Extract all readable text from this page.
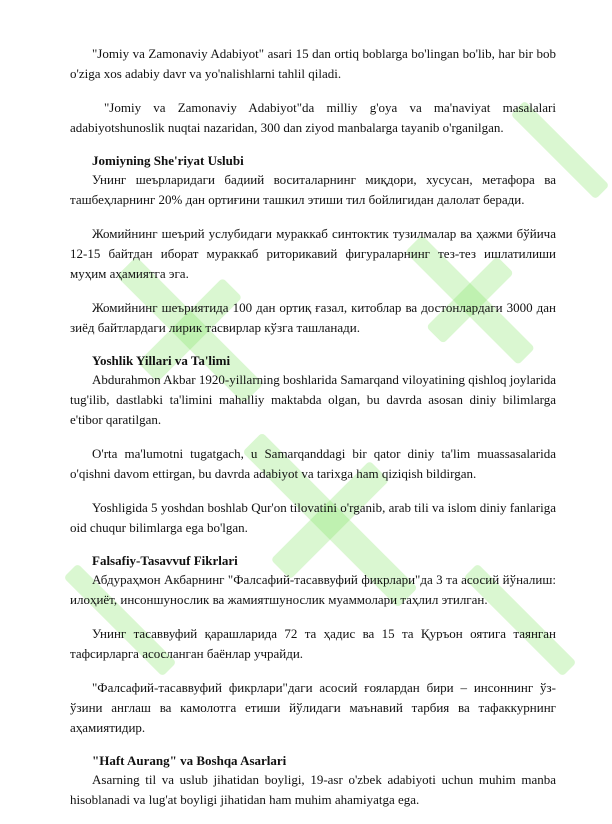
"Jomiy va Zamonaviy Adabiyot" asari 15 dan ortiq boblarga bo'lingan bo'lib, har bir bob o'ziga xos adabiy davr va yo'nalishlarni tahlil qiladi.

"Jomiy va Zamonaviy Adabiyot"da milliy g'oya va ma'naviyat masalalari adabiyotshunoslik nuqtai nazaridan, 300 dan ziyod manbalarga tayanib o'rganilgan.

Jomiyning She'riyat Uslubi

Унинг шеърларидаги бадиий воситаларнинг миқдори, хусусан, метафора ва ташбеҳларнинг 20% дан ортиғини ташкил этиши тил бойлигидан далолат беради.

Жомийнинг шеърий услубидаги мураккаб синтоктик тузилмалар ва ҳажми бўйича 12-15 байтдан иборат мураккаб риторикавий фигураларнинг тез-тез ишлатилиши муҳим аҳамиятга эга.

Жомийнинг шеъриятида 100 дан ортиқ ғазал, китоблар ва достонлардаги 3000 дан зиёд байтлардаги лирик тасвирлар кўзга ташланади.

Yoshlik Yillari va Ta'limi

Abdurahmon Akbar 1920-yillarning boshlarida Samarqand viloyatining qishloq joylarida tug'ilib, dastlabki ta'limini mahalliy maktabda olgan, bu davrda asosan diniy bilimlarga e'tibor qaratilgan.

O'rta ma'lumotni tugatgach, u Samarqanddagi bir qator diniy ta'lim muassasalarida o'qishni davom ettirgan, bu davrda adabiyot va tarixga ham qiziqish bildirgan.

Yoshligida 5 yoshdan boshlab Qur'on tilovatini o'rganib, arab tili va islom diniy fanlariga oid chuqur bilimlarga ega bo'lgan.

Falsafiy-Tasavvuf Fikrlari

Абдураҳмон Акбарнинг "Фалсафий-тасаввуфий фикрлари"да 3 та асосий йўналиш: илоҳиёт, инсоншунослик ва жамиятшунослик муаммолари таҳлил этилган.

Унинг тасаввуфий қарашларида 72 та ҳадис ва 15 та Қуръон оятига таянган тафсирларга асосланган баёнлар учрайди.

"Фалсафий-тасаввуфий фикрлари"даги асосий ғоялардан бири – инсоннинг ўз-ўзини англаш ва камолотга етиши йўлидаги маънавий тарбия ва тафаккурнинг аҳамиятидир.

"Haft Aurang" va Boshqa Asarlari

Asarning til va uslub jihatidan boyligi, 19-asr o'zbek adabiyoti uchun muhim manba hisoblanadi va lug'at boyligi jihatidan ham muhim ahamiyatga ega.
